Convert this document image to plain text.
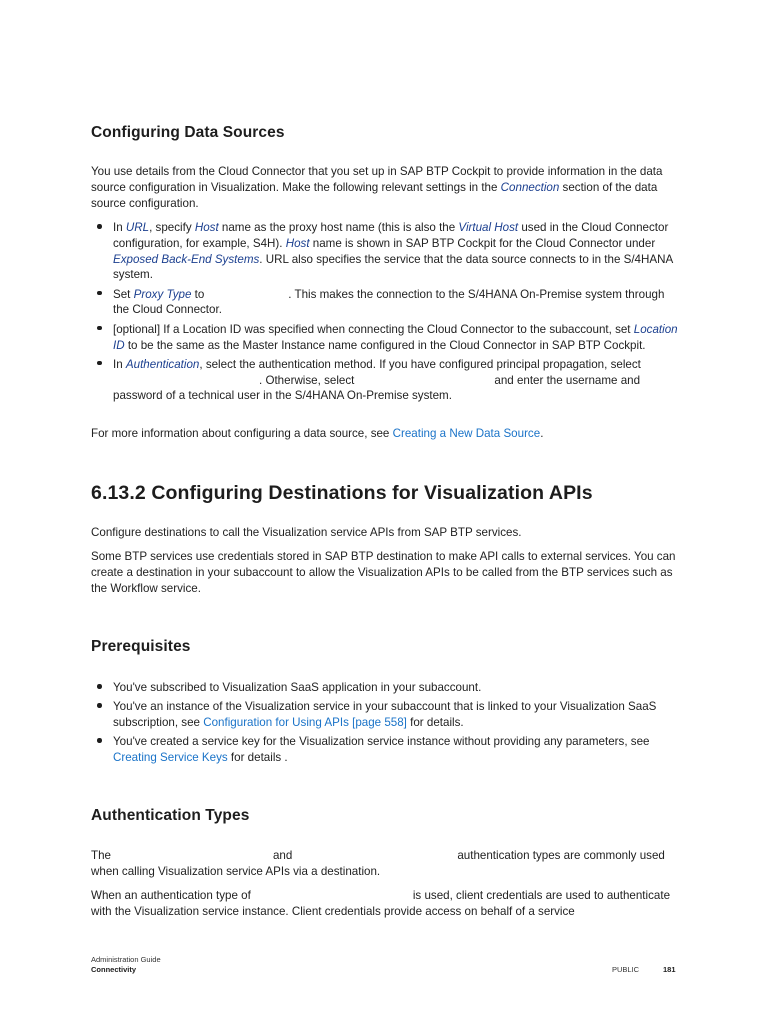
Configuring Data Sources

You use details from the Cloud Connector that you set up in SAP BTP Cockpit to provide information in the data source configuration in Visualization. Make the following relevant settings in the Connection section of the data source configuration.

In URL, specify Host name as the proxy host name (this is also the Virtual Host used in the Cloud Connector configuration, for example, S4H). Host name is shown in SAP BTP Cockpit for the Cloud Connector under Exposed Back-End Systems. URL also specifies the service that the data source connects to in the S/4HANA system.
Set Proxy Type to	. This makes the connection to the S/4HANA On-Premise system through the Cloud Connector.
[optional] If a Location ID was specified when connecting the Cloud Connector to the subaccount, set Location ID to be the same as the Master Instance name configured in the Cloud Connector in SAP BTP Cockpit.
In Authentication, select the authentication method. If you have configured principal propagation, select
. Otherwise, select	and enter the username and password of a technical user in the S/4HANA On-Premise system.

For more information about configuring a data source, see Creating a New Data Source.

6.13.2 Configuring Destinations for Visualization APIs

Configure destinations to call the Visualization service APIs from SAP BTP services.

Some BTP services use credentials stored in SAP BTP destination to make API calls to external services. You can create a destination in your subaccount to allow the Visualization APIs to be called from the BTP services such as the Workflow service.

Prerequisites
You've subscribed to Visualization SaaS application in your subaccount.
You've an instance of the Visualization service in your subaccount that is linked to your Visualization SaaS subscription, see Configuration for Using APIs [page 558] for details.
You've created a service key for the Visualization service instance without providing any parameters, see Creating Service Keys for details .
Authentication Types

The	and	authentication types are commonly used when calling Visualization service APIs via a destination.

When an authentication type of	is used, client credentials are used to authenticate with the Visualization service instance. Client credentials provide access on behalf of a service

Administration Guide
Connectivity	PUBLIC	181
